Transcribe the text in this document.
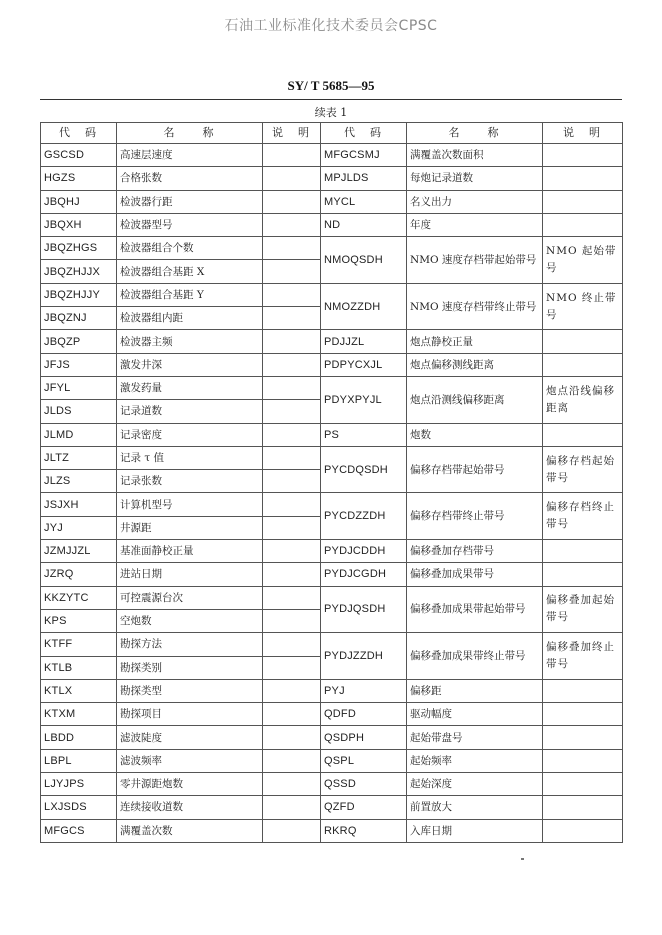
石油工业标准化技术委员会CPSC
SY/ T 5685—95
续表 1
代　码	名　　称	说　明	代　码	名　　称	说　明
GSCSD	高速层速度		MFGCSMJ	满覆盖次数面积	
HGZS	合格张数		MPJLDS	每炮记录道数	
JBQHJ	检波器行距		MYCL	名义出力	
JBQXH	检波器型号		ND	年度	
JBQZHGS	检波器组合个数		NMOQSDH	NMO 速度存档带起始带号	NMO 起始带号
JBQZHJJX	检波器组合基距 X				
JBQZHJJY	检波器组合基距 Y		NMOZZDH	NMO 速度存档带终止带号	NMO 终止带号
JBQZNJ	检波器组内距				
JBQZP	检波器主频		PDJJZL	炮点静校正量	
JFJS	激发井深		PDPYCXJL	炮点偏移测线距离	
JFYL	激发药量		PDYXPYJL	炮点沿测线偏移距离	炮点沿线偏移距离
JLDS	记录道数				
JLMD	记录密度		PS	炮数	
JLTZ	记录 τ 值		PYCDQSDH	偏移存档带起始带号	偏移存档起始带号
JLZS	记录张数				
JSJXH	计算机型号		PYCDZZDH	偏移存档带终止带号	偏移存档终止带号
JYJ	井源距				
JZMJJZL	基准面静校正量		PYDJCDDH	偏移叠加存档带号	
JZRQ	进站日期		PYDJCGDH	偏移叠加成果带号	
KKZYTC	可控震源台次		PYDJQSDH	偏移叠加成果带起始带号	偏移叠加起始带号
KPS	空炮数				
KTFF	勘探方法		PYDJZZDH	偏移叠加成果带终止带号	偏移叠加终止带号
KTLB	勘探类别				
KTLX	勘探类型		PYJ	偏移距	
KTXM	勘探项目		QDFD	驱动幅度	
LBDD	滤波陡度		QSDPH	起始带盘号	
LBPL	滤波频率		QSPL	起始频率	
LJYJPS	零井源距炮数		QSSD	起始深度	
LXJSDS	连续接收道数		QZFD	前置放大	
MFGCS	满覆盖次数		RKRQ	入库日期	
